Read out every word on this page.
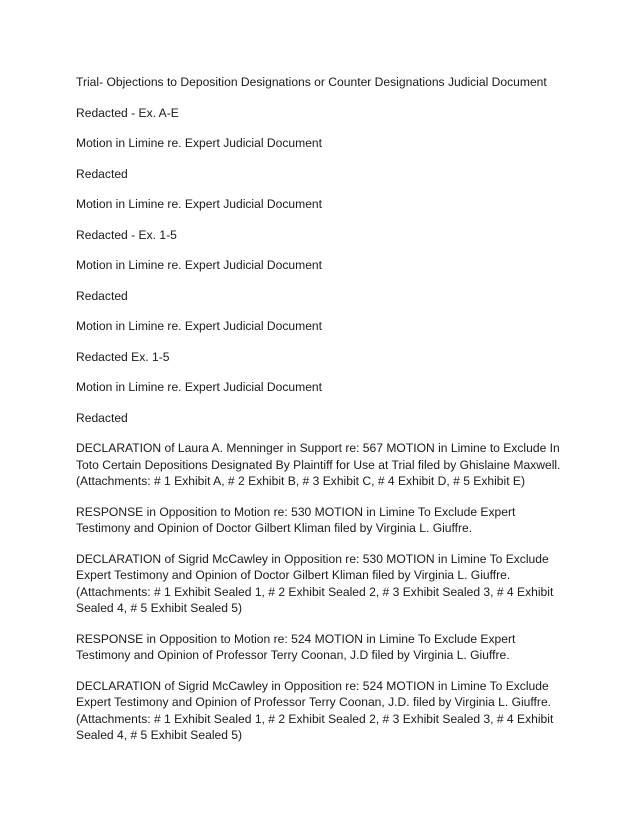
Trial- Objections to Deposition Designations or Counter Designations Judicial Document

Redacted - Ex. A-E

Motion in Limine re. Expert Judicial Document

Redacted

Motion in Limine re. Expert Judicial Document

Redacted - Ex. 1-5

Motion in Limine re. Expert Judicial Document

Redacted

Motion in Limine re. Expert Judicial Document

Redacted Ex. 1-5

Motion in Limine re. Expert Judicial Document

Redacted

DECLARATION of Laura A. Menninger in Support re: 567 MOTION in Limine to Exclude In Toto Certain Depositions Designated By Plaintiff for Use at Trial filed by Ghislaine Maxwell. (Attachments: # 1 Exhibit A, # 2 Exhibit B, # 3 Exhibit C, # 4 Exhibit D, # 5 Exhibit E)

RESPONSE in Opposition to Motion re: 530 MOTION in Limine To Exclude Expert Testimony and Opinion of Doctor Gilbert Kliman filed by Virginia L. Giuffre.

DECLARATION of Sigrid McCawley in Opposition re: 530 MOTION in Limine To Exclude Expert Testimony and Opinion of Doctor Gilbert Kliman filed by Virginia L. Giuffre. (Attachments: # 1 Exhibit Sealed 1, # 2 Exhibit Sealed 2, # 3 Exhibit Sealed 3, # 4 Exhibit Sealed 4, # 5 Exhibit Sealed 5)

RESPONSE in Opposition to Motion re: 524 MOTION in Limine To Exclude Expert Testimony and Opinion of Professor Terry Coonan, J.D filed by Virginia L. Giuffre.

DECLARATION of Sigrid McCawley in Opposition re: 524 MOTION in Limine To Exclude Expert Testimony and Opinion of Professor Terry Coonan, J.D. filed by Virginia L. Giuffre. (Attachments: # 1 Exhibit Sealed 1, # 2 Exhibit Sealed 2, # 3 Exhibit Sealed 3, # 4 Exhibit Sealed 4, # 5 Exhibit Sealed 5)
